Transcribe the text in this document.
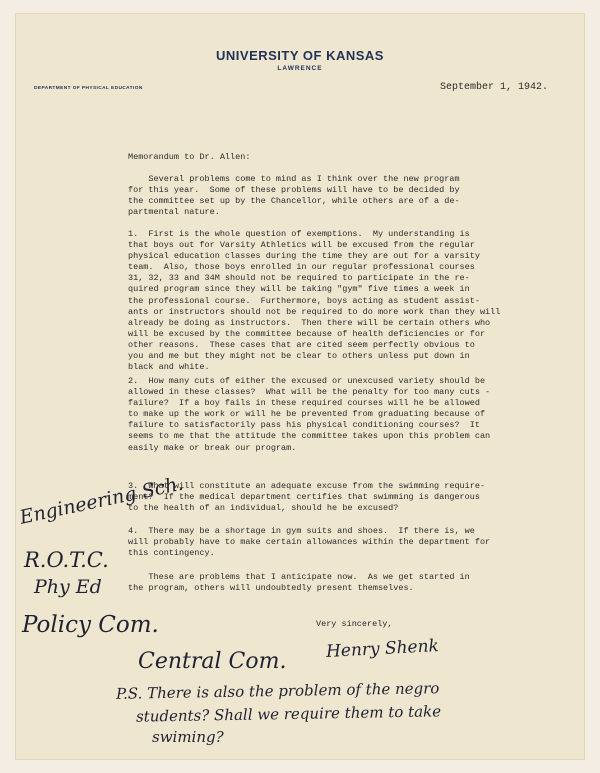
UNIVERSITY OF KANSAS
LAWRENCE
DEPARTMENT OF PHYSICAL EDUCATION	September 1, 1942.
Memorandum to Dr. Allen:
Several problems come to mind as I think over the new program
for this year.  Some of these problems will have to be decided by
the committee set up by the Chancellor, while others are of a de-
partmental nature.
1.  First is the whole question of exemptions.  My understanding is
that boys out for Varsity Athletics will be excused from the regular
physical education classes during the time they are out for a varsity
team.  Also, those boys enrolled in our regular professional courses
31, 32, 33 and 34M should not be required to participate in the re-
quired program since they will be taking "gym" five times a week in
the professional course.  Furthermore, boys acting as student assist-
ants or instructors should not be required to do more work than they will
already be doing as instructors.  Then there will be certain others who
will be excused by the committee because of health deficiencies or for
other reasons.  These cases that are cited seem perfectly obvious to
you and me but they might not be clear to others unless put down in
black and white.
2.  How many cuts of either the excused or unexcused variety should be
allowed in these classes?  What will be the penalty for too many cuts -
failure?  If a boy fails in these required courses will he be allowed
to make up the work or will he be prevented from graduating because of
failure to satisfactorily pass his physical conditioning courses?  It
seems to me that the attitude the committee takes upon this problem can
easily make or break our program.
3.  What will constitute an adequate excuse from the swimming require-
ment?  If the medical department certifies that swimming is dangerous
to the health of an individual, should he be excused?
4.  There may be a shortage in gym suits and shoes.  If there is, we
will probably have to make certain allowances within the department for
this contingency.
These are problems that I anticipate now.  As we get started in
the program, others will undoubtedly present themselves.
Very sincerely,
Henry Shenk
Engineering Sch.
R.O.T.C.
Phy Ed
Policy Com.
Central Com.
P.S. There is also the problem of the negro
students? Shall we require them to take
swiming?
